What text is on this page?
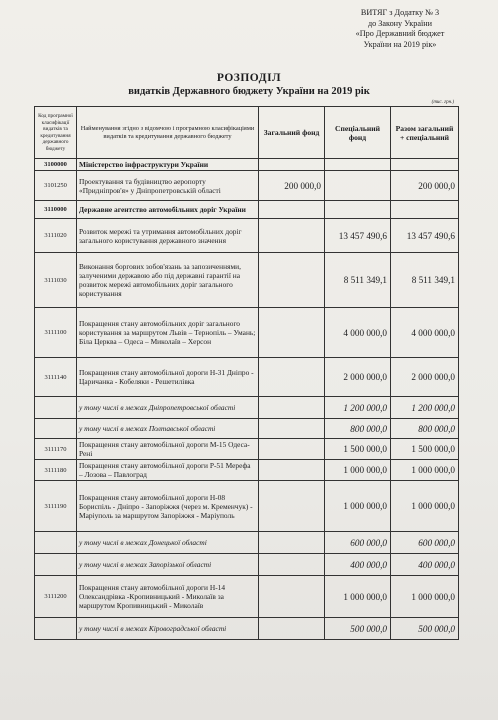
ВИТЯГ з Додатку № 3
до Закону України
«Про Державний бюджет
України на 2019 рік»
РОЗПОДІЛ
видатків Державного бюджету України на 2019 рік
(тис. грн.)
Код програмної класифікації видатків та кредитування державного бюджету	Найменування згідно з відомчою і програмною класифікаціями видатків та кредитування державного бюджету	Загальний фонд	Спеціальний фонд	Разом загальний + спеціальний
3100000	Міністерство інфраструктури України			
3101250	Проектування та будівництво аеропорту «Придніпров'я» у Дніпропетровській області	200 000,0		200 000,0
3110000	Державне агентство автомобільних доріг України			
3111020	Розвиток мережі та утримання автомобільних доріг загального користування державного значення		13 457 490,6	13 457 490,6
3111030	Виконання боргових зобов'язань за запозиченнями, залученими державою або під державні гарантії на розвиток мережі автомобільних доріг загального користування		8 511 349,1	8 511 349,1
3111100	Покращення стану автомобільних доріг загального користування за маршрутом Львів – Тернопіль – Умань; Біла Церква – Одеса – Миколаїв – Херсон		4 000 000,0	4 000 000,0
3111140	Покращення стану автомобільної дороги Н-31 Дніпро - Царичанка - Кобеляки - Решетилівка		2 000 000,0	2 000 000,0
	у тому числі в межах Дніпропетровської області		1 200 000,0	1 200 000,0
	у тому числі в межах Полтавської області		800 000,0	800 000,0
3111170	Покращення стану автомобільної дороги М-15 Одеса-Рені		1 500 000,0	1 500 000,0
3111180	Покращення стану автомобільної дороги Р-51 Мерефа – Лозова – Павлоград		1 000 000,0	1 000 000,0
3111190	Покращення стану автомобільної дороги Н-08 Бориспіль - Дніпро - Запоріжжя (через м. Кременчук) - Маріуполь за маршрутом Запоріжжя - Маріуполь		1 000 000,0	1 000 000,0
	у тому числі в межах Донецької області		600 000,0	600 000,0
	у тому числі в межах Запорізької області		400 000,0	400 000,0
3111200	Покращення стану автомобільної дороги Н-14 Олександрівка -Кропивницький - Миколаїв за маршрутом Кропивницький - Миколаїв		1 000 000,0	1 000 000,0
	у тому числі в межах Кіровоградської області		500 000,0	500 000,0
